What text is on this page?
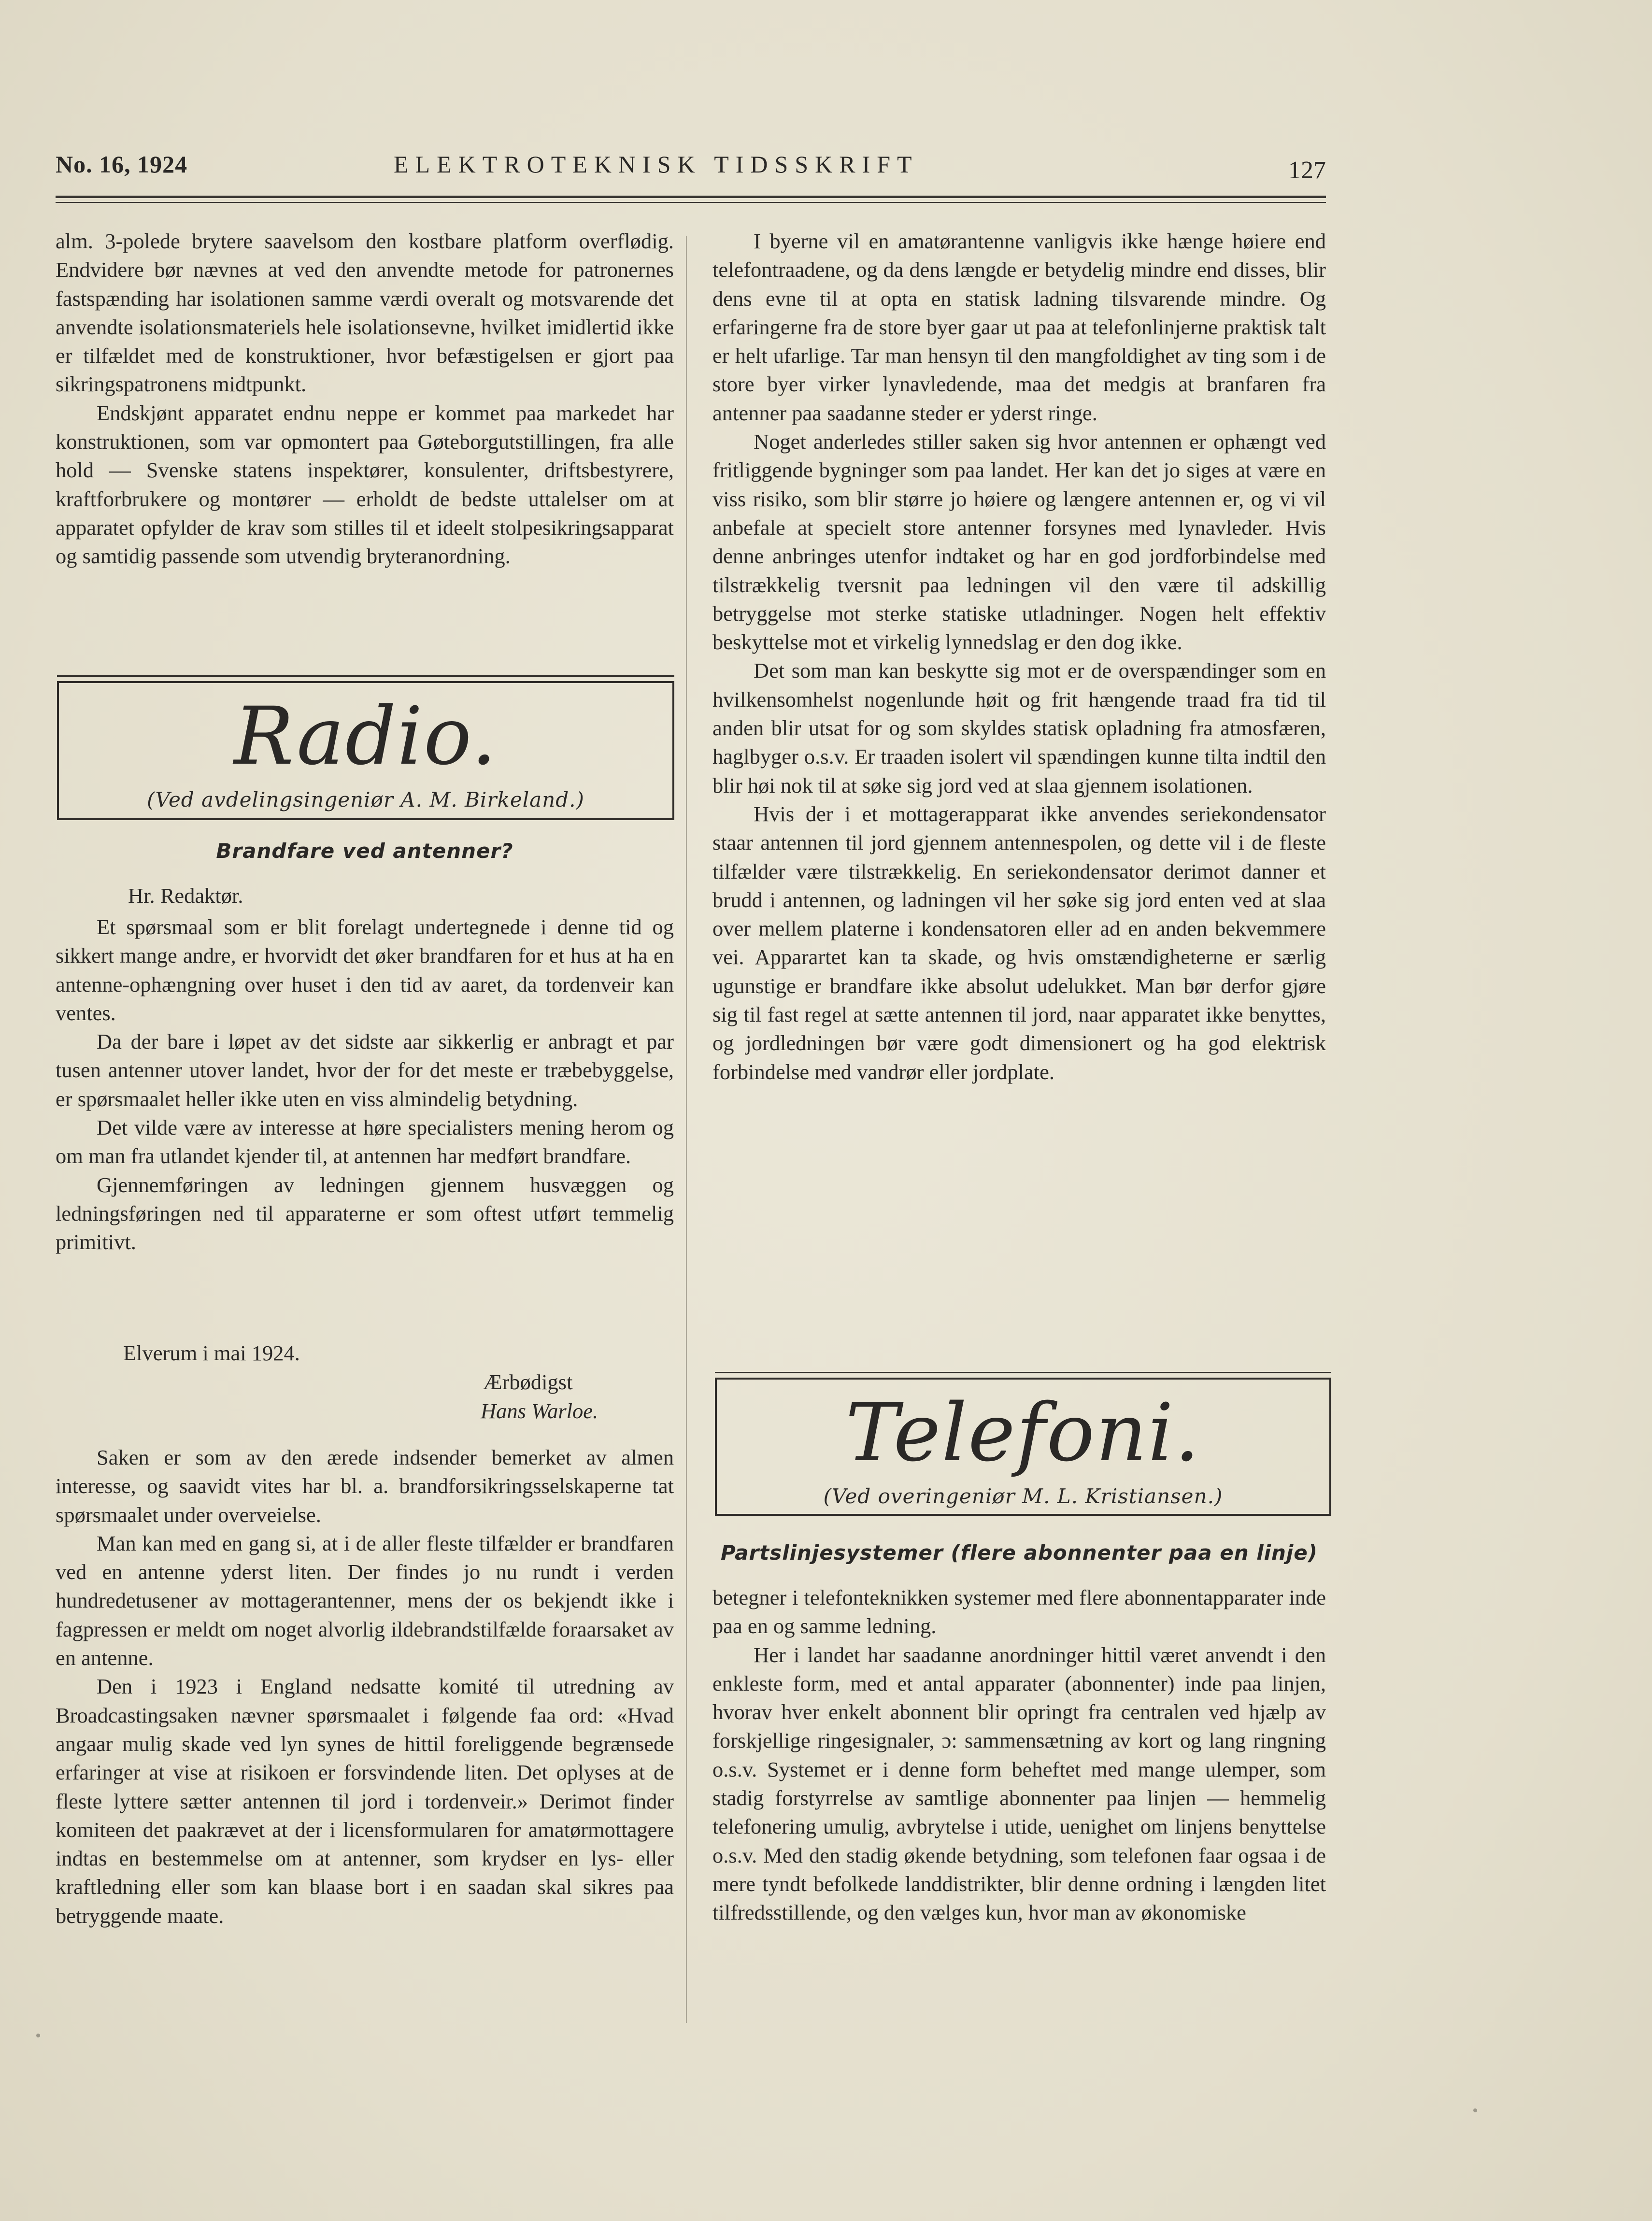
No. 16, 1924	ELEKTROTEKNISK TIDSSKRIFT	127

alm. 3-polede brytere saavelsom den kostbare platform overflødig. Endvidere bør nævnes at ved den anvendte metode for patronernes fastspænding har isolationen samme værdi overalt og motsvarende det anvendte isolationsmateriels hele isolationsevne, hvilket imidlertid ikke er tilfældet med de konstruktioner, hvor befæstigelsen er gjort paa sikringspatronens midtpunkt.

Endskjønt apparatet endnu neppe er kommet paa markedet har konstruktionen, som var opmontert paa Gøteborgutstillingen, fra alle hold — Svenske statens inspektører, konsulenter, driftsbestyrere, kraftforbrukere og montører — erholdt de bedste uttalelser om at apparatet opfylder de krav som stilles til et ideelt stolpesikringsapparat og samtidig passende som utvendig bryteranordning.

Radio.
(Ved avdelingsingeniør A. M. Birkeland.)
Brandfare ved antenner?
Hr. Redaktør.

Et spørsmaal som er blit forelagt undertegnede i denne tid og sikkert mange andre, er hvorvidt det øker brandfaren for et hus at ha en antenne-ophængning over huset i den tid av aaret, da tordenveir kan ventes.

Da der bare i løpet av det sidste aar sikkerlig er anbragt et par tusen antenner utover landet, hvor der for det meste er træbebyggelse, er spørsmaalet heller ikke uten en viss almindelig betydning.

Det vilde være av interesse at høre specialisters mening herom og om man fra utlandet kjender til, at antennen har medført brandfare.

Gjennemføringen av ledningen gjennem husvæggen og ledningsføringen ned til apparaterne er som oftest utført temmelig primitivt.

Elverum i mai 1924.
Ærbødigst
Hans Warloe.

Saken er som av den ærede indsender bemerket av almen interesse, og saavidt vites har bl. a. brandforsikringsselskaperne tat spørsmaalet under overveielse.

Man kan med en gang si, at i de aller fleste tilfælder er brandfaren ved en antenne yderst liten. Der findes jo nu rundt i verden hundredetusener av mottagerantenner, mens der os bekjendt ikke i fagpressen er meldt om noget alvorlig ildebrandstilfælde foraarsaket av en antenne.

Den i 1923 i England nedsatte komité til utredning av Broadcastingsaken nævner spørsmaalet i følgende faa ord: «Hvad angaar mulig skade ved lyn synes de hittil foreliggende begrænsede erfaringer at vise at risikoen er forsvindende liten. Det oplyses at de fleste lyttere sætter antennen til jord i tordenveir.» Derimot finder komiteen det paakrævet at der i licensformularen for amatørmottagere indtas en bestemmelse om at antenner, som krydser en lys- eller kraftledning eller som kan blaase bort i en saadan skal sikres paa betryggende maate.

I byerne vil en amatørantenne vanligvis ikke hænge høiere end telefontraadene, og da dens længde er betydelig mindre end disses, blir dens evne til at opta en statisk ladning tilsvarende mindre. Og erfaringerne fra de store byer gaar ut paa at telefonlinjerne praktisk talt er helt ufarlige. Tar man hensyn til den mangfoldighet av ting som i de store byer virker lynavledende, maa det medgis at branfaren fra antenner paa saadanne steder er yderst ringe.

Noget anderledes stiller saken sig hvor antennen er ophængt ved fritliggende bygninger som paa landet. Her kan det jo siges at være en viss risiko, som blir større jo høiere og længere antennen er, og vi vil anbefale at specielt store antenner forsynes med lynavleder. Hvis denne anbringes utenfor indtaket og har en god jordforbindelse med tilstrækkelig tversnit paa ledningen vil den være til adskillig betryggelse mot sterke statiske utladninger. Nogen helt effektiv beskyttelse mot et virkelig lynnedslag er den dog ikke.

Det som man kan beskytte sig mot er de overspændinger som en hvilkensomhelst nogenlunde høit og frit hængende traad fra tid til anden blir utsat for og som skyldes statisk opladning fra atmosfæren, haglbyger o.s.v. Er traaden isolert vil spændingen kunne tilta indtil den blir høi nok til at søke sig jord ved at slaa gjennem isolationen.

Hvis der i et mottagerapparat ikke anvendes seriekondensator staar antennen til jord gjennem antennespolen, og dette vil i de fleste tilfælder være tilstrækkelig. En seriekondensator derimot danner et brudd i antennen, og ladningen vil her søke sig jord enten ved at slaa over mellem platerne i kondensatoren eller ad en anden bekvemmere vei. Apparartet kan ta skade, og hvis omstændigheterne er særlig ugunstige er brandfare ikke absolut udelukket. Man bør derfor gjøre sig til fast regel at sætte antennen til jord, naar apparatet ikke benyttes, og jordledningen bør være godt dimensionert og ha god elektrisk forbindelse med vandrør eller jordplate.

Telefoni.
(Ved overingeniør M. L. Kristiansen.)
Partslinjesystemer (flere abonnenter paa en linje)

betegner i telefonteknikken systemer med flere abonnentapparater inde paa en og samme ledning.

Her i landet har saadanne anordninger hittil været anvendt i den enkleste form, med et antal apparater (abonnenter) inde paa linjen, hvorav hver enkelt abonnent blir opringt fra centralen ved hjælp av forskjellige ringesignaler, ɔ: sammensætning av kort og lang ringning o.s.v. Systemet er i denne form beheftet med mange ulemper, som stadig forstyrrelse av samtlige abonnenter paa linjen — hemmelig telefonering umulig, avbrytelse i utide, uenighet om linjens benyttelse o.s.v. Med den stadig økende betydning, som telefonen faar ogsaa i de mere tyndt befolkede landdistrikter, blir denne ordning i længden litet tilfredsstillende, og den vælges kun, hvor man av økonomiske
